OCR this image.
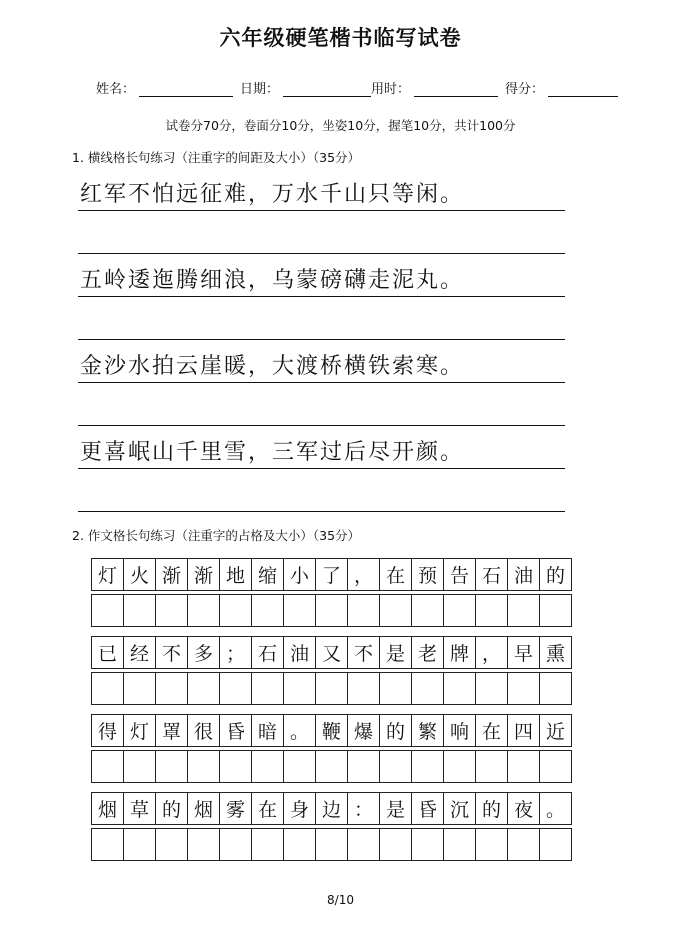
六年级硬笔楷书临写试卷
姓名：	日期：	用时：	得分：
试卷分70分，卷面分10分，坐姿10分，握笔10分，共计100分
1. 横线格长句练习（注重字的间距及大小）（35分）
红军不怕远征难，万水千山只等闲。
五岭逶迤腾细浪，乌蒙磅礴走泥丸。
金沙水拍云崖暖，大渡桥横铁索寒。
更喜岷山千里雪，三军过后尽开颜。
2. 作文格长句练习（注重字的占格及大小）（35分）
灯 火 渐 渐 地 缩 小 了 ， 在 预 告 石 油 的
已 经 不 多 ； 石 油 又 不 是 老 牌 ， 早 熏
得 灯 罩 很 昏 暗 。 鞭 爆 的 繁 响 在 四 近
烟 草 的 烟 雾 在 身 边 ： 是 昏 沉 的 夜 。
8/10
